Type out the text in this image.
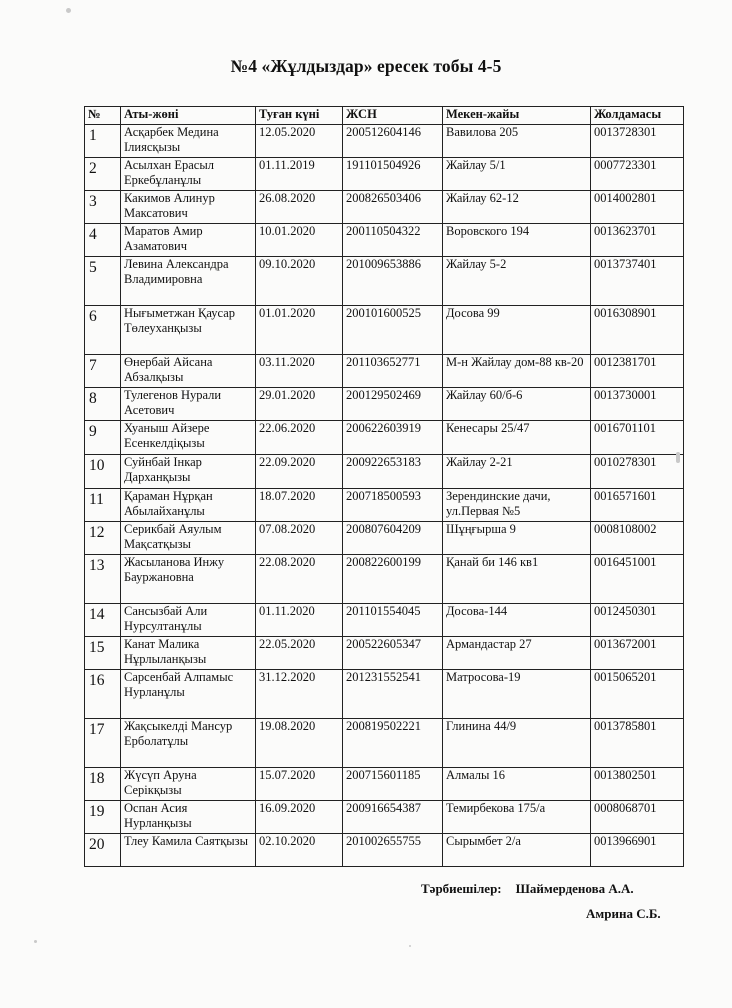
№4 «Жұлдыздар» ересек тобы 4-5
№	Аты-жөні	Туған күні	ЖСН	Мекен-жайы	Жолдамасы
1	Асқарбек Медина Ілиясқызы	12.05.2020	200512604146	Вавилова 205	0013728301
2	Асылхан Ерасыл Еркебұланұлы	01.11.2019	191101504926	Жайлау 5/1	0007723301
3	Какимов Алинур Максатович	26.08.2020	200826503406	Жайлау 62-12	0014002801
4	Маратов Амир Азаматович	10.01.2020	200110504322	Воровского 194	0013623701
5	Левина Александра Владимировна	09.10.2020	201009653886	Жайлау 5-2	0013737401
6	Нығыметжан Қаусар Төлеуханқызы	01.01.2020	200101600525	Досова 99	0016308901
7	Өнербай Айсана Абзалқызы	03.11.2020	201103652771	М-н Жайлау дом-88 кв-20	0012381701
8	Тулегенов Нурали Асетович	29.01.2020	200129502469	Жайлау 60/б-6	0013730001
9	Хуаныш Айзере Есенкелдіқызы	22.06.2020	200622603919	Кенесары 25/47	0016701101
10	Суйнбай Інкар Дарханқызы	22.09.2020	200922653183	Жайлау 2-21	0010278301
11	Қараман Нұрқан Абылайханұлы	18.07.2020	200718500593	Зерендинские дачи, ул.Первая №5	0016571601
12	Серикбай Аяулым Мақсатқызы	07.08.2020	200807604209	Шұңғырша 9	0008108002
13	Жасыланова Инжу Бауржановна	22.08.2020	200822600199	Қанай би 146 кв1	0016451001
14	Сансызбай Али Нурсултанұлы	01.11.2020	201101554045	Досова-144	0012450301
15	Канат Малика Нұрлыланқызы	22.05.2020	200522605347	Армандастар 27	0013672001
16	Сарсенбай Алпамыс Нурланұлы	31.12.2020	201231552541	Матросова-19	0015065201
17	Жақсыкелді Мансур Ерболатұлы	19.08.2020	200819502221	Глинина 44/9	0013785801
18	Жүсүп Аруна Серікқызы	15.07.2020	200715601185	Алмалы 16	0013802501
19	Оспан Асия Нурланқызы	16.09.2020	200916654387	Темирбекова 175/а	0008068701
20	Тлеу Камила Саятқызы	02.10.2020	201002655755	Сырымбет 2/а	0013966901
Тәрбиешілер: Шаймерденова А.А.
Амрина С.Б.
